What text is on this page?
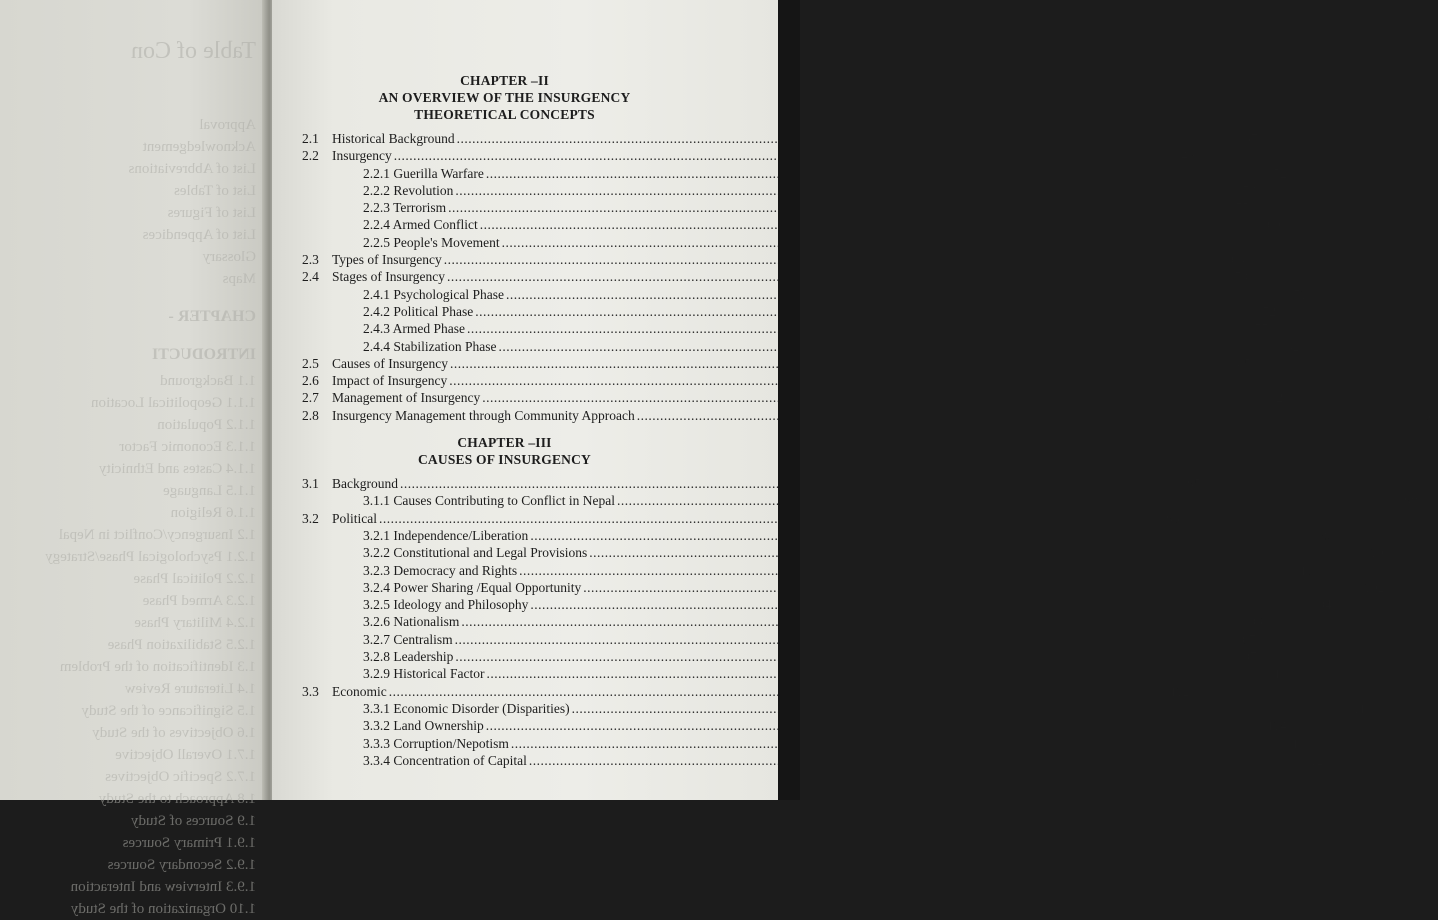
Table of Con
Approval
Acknowledgement
List of Abbreviations
List of Tables
List of Figures
List of Appendices
Glossary
Maps
CHAPTER -
INTRODUCTI
1.1 Background
1.1.1 Geopolitical Location
1.1.2 Population
1.1.3 Economic Factor
1.1.4 Castes and Ethnicity
1.1.5 Language
1.1.6 Religion
1.2 Insurgency/Conflict in Nepal
1.2.1 Psychological Phase/Strategy
1.2.2 Political Phase
1.2.3 Armed Phase
1.2.4 Military Phase
1.2.5 Stabilization Phase
1.3 Identification of the Problem
1.4 Literature Review
1.5 Significance of the Study
1.6 Objectives of the Study
1.7.1 Overall Objective
1.7.2 Specific Objectives
1.8 Approach to the Study
1.9 Sources of Study
1.9.1 Primary Sources
1.9.2 Secondary Sources
1.9.3 Interview and Interaction
1.10 Organization of the Study
CHAPTER –II
AN OVERVIEW OF THE INSURGENCY
THEORETICAL CONCEPTS
2.1 Historical Background .....	37
2.2 Insurgency .....	49
2.2.1 Guerilla Warfare .....	52
2.2.2 Revolution .....	53
2.2.3 Terrorism .....	55
2.2.4 Armed Conflict .....	60
2.2.5 People's Movement .....	63
2.3 Types of Insurgency .....	68
2.4 Stages of Insurgency .....	70
2.4.1 Psychological Phase .....	71
2.4.2 Political Phase .....	72
2.4.3 Armed Phase .....	77
2.4.4 Stabilization Phase .....	82
2.5 Causes of Insurgency .....	85
2.6 Impact of Insurgency .....	91
2.7 Management of Insurgency .....	92
2.8 Insurgency Management through Community Approach .....	93
CHAPTER –III
CAUSES OF INSURGENCY
3.1 Background .....	95
3.1.1 Causes Contributing to Conflict in Nepal .....	98
3.2 Political .....	99
3.2.1 Independence/Liberation .....	99
3.2.2 Constitutional and Legal Provisions .....	100
3.2.3 Democracy and Rights .....	101
3.2.4 Power Sharing /Equal Opportunity .....	102
3.2.5 Ideology and Philosophy .....	104
3.2.6 Nationalism .....	106
3.2.7 Centralism .....	107
3.2.8 Leadership .....	107
3.2.9 Historical Factor .....	110
3.3 Economic .....	112
3.3.1 Economic Disorder (Disparities) .....	113
3.3.2 Land Ownership .....	114
3.3.3 Corruption/Nepotism .....	116
3.3.4 Concentration of Capital .....	121
